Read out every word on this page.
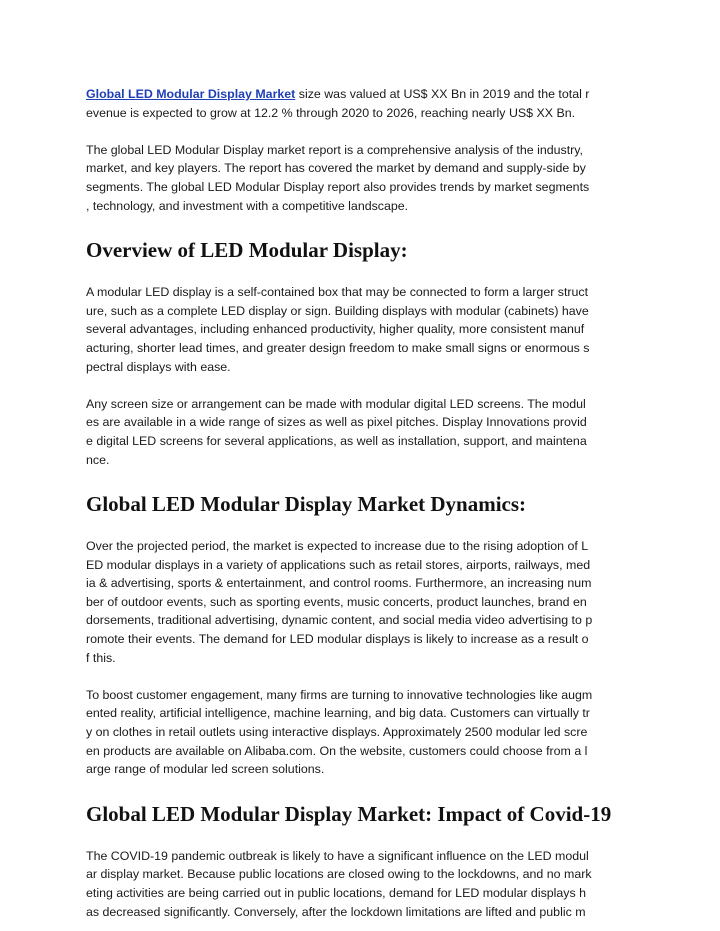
Global LED Modular Display Market size was valued at US$ XX Bn in 2019 and the total r
evenue is expected to grow at 12.2 % through 2020 to 2026, reaching nearly US$ XX Bn.
The global LED Modular Display market report is a comprehensive analysis of the industry,
market, and key players. The report has covered the market by demand and supply-side by
segments. The global LED Modular Display report also provides trends by market segments
, technology, and investment with a competitive landscape.
Overview of LED Modular Display:
A modular LED display is a self-contained box that may be connected to form a larger struct
ure, such as a complete LED display or sign. Building displays with modular (cabinets) have
several advantages, including enhanced productivity, higher quality, more consistent manuf
acturing, shorter lead times, and greater design freedom to make small signs or enormous s
pectral displays with ease.
Any screen size or arrangement can be made with modular digital LED screens. The modul
es are available in a wide range of sizes as well as pixel pitches. Display Innovations provid
e digital LED screens for several applications, as well as installation, support, and maintena
nce.
Global LED Modular Display Market Dynamics:
Over the projected period, the market is expected to increase due to the rising adoption of L
ED modular displays in a variety of applications such as retail stores, airports, railways, med
ia & advertising, sports & entertainment, and control rooms. Furthermore, an increasing num
ber of outdoor events, such as sporting events, music concerts, product launches, brand en
dorsements, traditional advertising, dynamic content, and social media video advertising to p
romote their events. The demand for LED modular displays is likely to increase as a result o
f this.
To boost customer engagement, many firms are turning to innovative technologies like augm
ented reality, artificial intelligence, machine learning, and big data. Customers can virtually tr
y on clothes in retail outlets using interactive displays. Approximately 2500 modular led scre
en products are available on Alibaba.com. On the website, customers could choose from a l
arge range of modular led screen solutions.
Global LED Modular Display Market: Impact of Covid-19
The COVID-19 pandemic outbreak is likely to have a significant influence on the LED modul
ar display market. Because public locations are closed owing to the lockdowns, and no mark
eting activities are being carried out in public locations, demand for LED modular displays h
as decreased significantly. Conversely, after the lockdown limitations are lifted and public m
